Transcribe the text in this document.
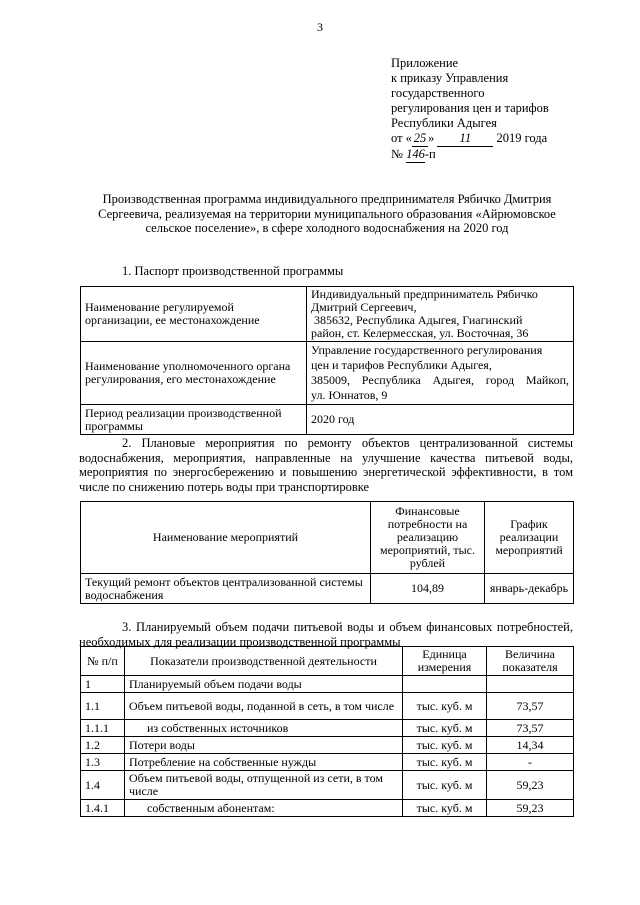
3
Приложение
к приказу Управления
государственного
регулирования цен и тарифов
Республики Адыгея
от « 25 » 11 2019 года
№ 146-п
Производственная программа индивидуального предпринимателя Рябичко Дмитрия Сергеевича, реализуемая на территории муниципального образования «Айрюмовское сельское поселение», в сфере холодного водоснабжения на 2020 год
1. Паспорт производственной программы
Наименование регулируемой организации, ее местонахождение	Индивидуальный предприниматель Рябичко
Дмитрий Сергеевич,
385632, Республика Адыгея, Гиагинский
район, ст. Келермесская, ул. Восточная, 36

Наименование уполномоченного органа регулирования, его местонахождение	Управление государственного регулирования
цен и тарифов Республики Адыгея,
385009, Республика Адыгея, город Майкоп,
ул. Юннатов, 9

Период реализации производственной программы	2020 год
2. Плановые мероприятия по ремонту объектов централизованной системы водоснабжения, мероприятия, направленные на улучшение качества питьевой воды, мероприятия по энергосбережению и повышению энергетической эффективности, в том числе по снижению потерь воды при транспортировке
Наименование мероприятий	Финансовые потребности на реализацию мероприятий, тыс. рублей	График реализации мероприятий
Текущий ремонт объектов централизованной системы водоснабжения	104,89	январь-декабрь
3. Планируемый объем подачи питьевой воды и объем финансовых потребностей, необходимых для реализации производственной программы
№ п/п	Показатели производственной деятельности	Единица измерения	Величина показателя
1	Планируемый объем подачи воды		
1.1	Объем питьевой воды, поданной в сеть, в том числе	тыс. куб. м	73,57
1.1.1	из собственных источников	тыс. куб. м	73,57
1.2	Потери воды	тыс. куб. м	14,34
1.3	Потребление на собственные нужды	тыс. куб. м	-
1.4	Объем питьевой воды, отпущенной из сети, в том числе	тыс. куб. м	59,23
1.4.1	собственным абонентам:	тыс. куб. м	59,23
